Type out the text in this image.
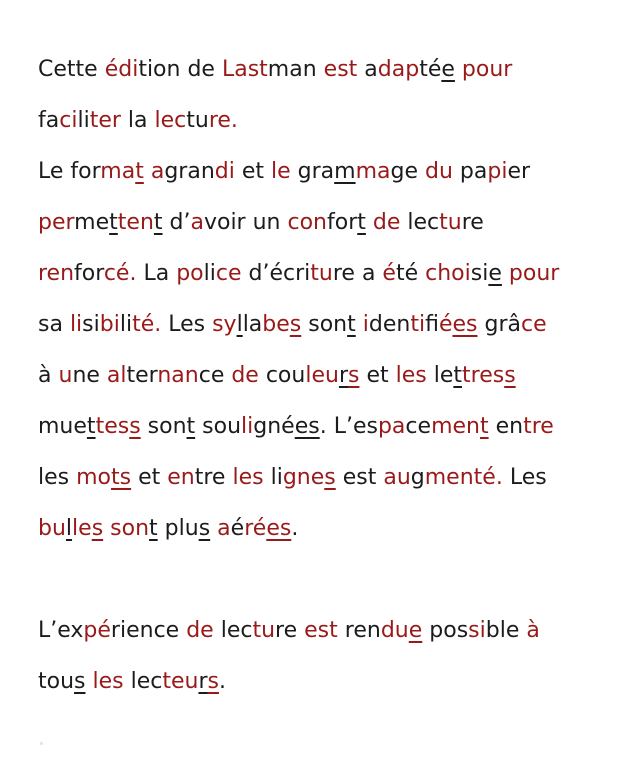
Cette édition de Lastman est adaptée pour
faciliter la lecture.
Le format agrandi et le grammage du papier
permettent d’avoir un confort de lecture
renforcé. La police d’écriture a été choisie pour
sa lisibilité. Les syllabes sont identifiées grâce
à une alternance de couleurs et les lettress
muettess sont soulignées. L’espacement entre
les mots et entre les lignes est augmenté. Les
bulles sont plus aérées.
L’expérience de lecture est rendue possible à
tous les lecteurs.
